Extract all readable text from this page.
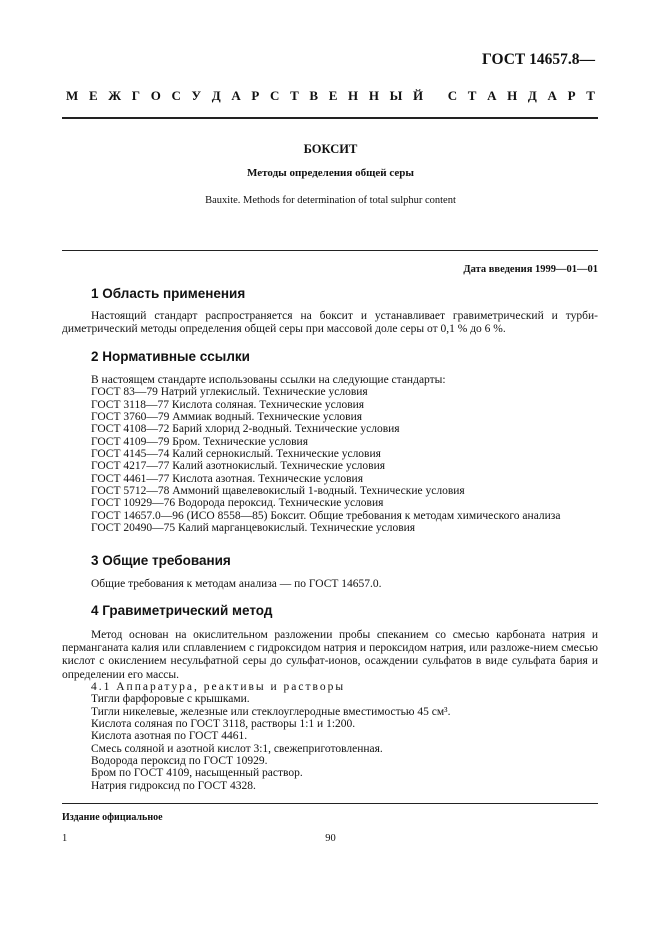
ГОСТ 14657.8—
М Е Ж Г О С У Д А Р С Т В Е Н Н Ы Й
С Т А Н Д А Р Т
БОКСИТ
Методы определения общей серы
Bauxite. Methods for determination of total sulphur content
Дата введения 1999—01—01
1 Область применения
Настоящий стандарт распространяется на боксит и устанавливает гравиметрический и турби-димeтрический методы определения общей серы при массовой доле серы от 0,1 % до 6 %.
2 Нормативные ссылки
В настоящем стандарте использованы ссылки на следующие стандарты:
ГОСТ 83—79 Натрий углекислый. Технические условия
ГОСТ 3118—77 Кислота соляная. Технические условия
ГОСТ 3760—79 Аммиак водный. Технические условия
ГОСТ 4108—72 Барий хлорид 2-водный. Технические условия
ГОСТ 4109—79 Бром. Технические условия
ГОСТ 4145—74 Калий сернокислый. Технические условия
ГОСТ 4217—77 Калий азотнокислый. Технические условия
ГОСТ 4461—77 Кислота азотная. Технические условия
ГОСТ 5712—78 Аммоний щавелевокислый 1-водный. Технические условия
ГОСТ 10929—76 Водорода пероксид. Технические условия
ГОСТ 14657.0—96 (ИСО 8558—85) Боксит. Общие требования к методам химического анализа
ГОСТ 20490—75 Калий марганцевокислый. Технические условия
3 Общие требования
Общие требования к методам анализа — по ГОСТ 14657.0.
4 Гравиметрический метод
Метод основан на окислительном разложении пробы спеканием со смесью карбоната натрия и перманганата калия или сплавлением с гидроксидом натрия и пероксидом натрия, или разложе-нием смесью кислот с окислением несульфатной серы до сульфат-ионов, осаждении сульфатов в виде сульфата бария и определении его массы.
4.1 Аппаратура, реактивы и растворы
Тигли фарфоровые с крышками.
Тигли никелевые, железные или стеклоуглеродные вместимостью 45 см³.
Кислота соляная по ГОСТ 3118, растворы 1:1 и 1:200.
Кислота азотная по ГОСТ 4461.
Смесь соляной и азотной кислот 3:1, свежеприготовленная.
Водорода пероксид по ГОСТ 10929.
Бром по ГОСТ 4109, насыщенный раствор.
Натрия гидроксид по ГОСТ 4328.
Издание официальное
1	90
